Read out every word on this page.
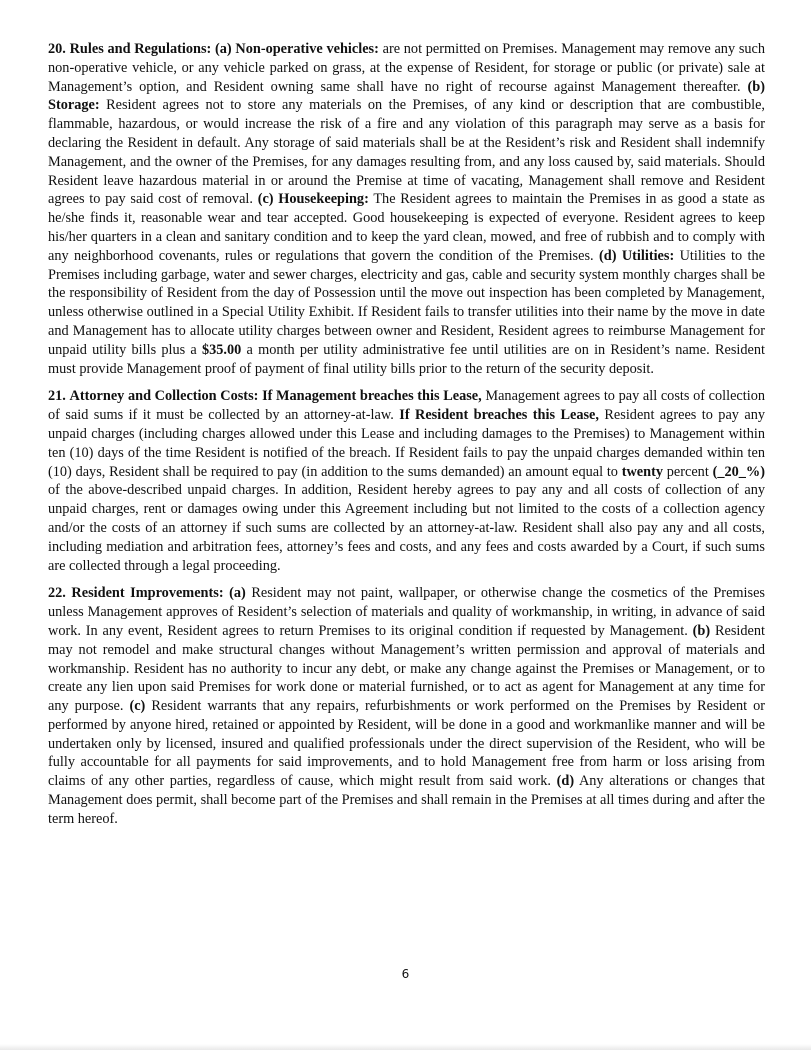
20. Rules and Regulations: (a) Non-operative vehicles: are not permitted on Premises. Management may remove any such non-operative vehicle, or any vehicle parked on grass, at the expense of Resident, for storage or public (or private) sale at Management’s option, and Resident owning same shall have no right of recourse against Management thereafter. (b) Storage: Resident agrees not to store any materials on the Premises, of any kind or description that are combustible, flammable, hazardous, or would increase the risk of a fire and any violation of this paragraph may serve as a basis for declaring the Resident in default. Any storage of said materials shall be at the Resident’s risk and Resident shall indemnify Management, and the owner of the Premises, for any damages resulting from, and any loss caused by, said materials. Should Resident leave hazardous material in or around the Premise at time of vacating, Management shall remove and Resident agrees to pay said cost of removal. (c) Housekeeping: The Resident agrees to maintain the Premises in as good a state as he/she finds it, reasonable wear and tear accepted. Good housekeeping is expected of everyone. Resident agrees to keep his/her quarters in a clean and sanitary condition and to keep the yard clean, mowed, and free of rubbish and to comply with any neighborhood covenants, rules or regulations that govern the condition of the Premises. (d) Utilities: Utilities to the Premises including garbage, water and sewer charges, electricity and gas, cable and security system monthly charges shall be the responsibility of Resident from the day of Possession until the move out inspection has been completed by Management, unless otherwise outlined in a Special Utility Exhibit. If Resident fails to transfer utilities into their name by the move in date and Management has to allocate utility charges between owner and Resident, Resident agrees to reimburse Management for unpaid utility bills plus a $35.00 a month per utility administrative fee until utilities are on in Resident’s name. Resident must provide Management proof of payment of final utility bills prior to the return of the security deposit.

21. Attorney and Collection Costs: If Management breaches this Lease, Management agrees to pay all costs of collection of said sums if it must be collected by an attorney-at-law. If Resident breaches this Lease, Resident agrees to pay any unpaid charges (including charges allowed under this Lease and including damages to the Premises) to Management within ten (10) days of the time Resident is notified of the breach. If Resident fails to pay the unpaid charges demanded within ten (10) days, Resident shall be required to pay (in addition to the sums demanded) an amount equal to twenty percent (_20_%) of the above-described unpaid charges. In addition, Resident hereby agrees to pay any and all costs of collection of any unpaid charges, rent or damages owing under this Agreement including but not limited to the costs of a collection agency and/or the costs of an attorney if such sums are collected by an attorney-at-law. Resident shall also pay any and all costs, including mediation and arbitration fees, attorney’s fees and costs, and any fees and costs awarded by a Court, if such sums are collected through a legal proceeding.

22. Resident Improvements: (a) Resident may not paint, wallpaper, or otherwise change the cosmetics of the Premises unless Management approves of Resident’s selection of materials and quality of workmanship, in writing, in advance of said work. In any event, Resident agrees to return Premises to its original condition if requested by Management. (b) Resident may not remodel and make structural changes without Management’s written permission and approval of materials and workmanship. Resident has no authority to incur any debt, or make any change against the Premises or Management, or to create any lien upon said Premises for work done or material furnished, or to act as agent for Management at any time for any purpose. (c) Resident warrants that any repairs, refurbishments or work performed on the Premises by Resident or performed by anyone hired, retained or appointed by Resident, will be done in a good and workmanlike manner and will be undertaken only by licensed, insured and qualified professionals under the direct supervision of the Resident, who will be fully accountable for all payments for said improvements, and to hold Management free from harm or loss arising from claims of any other parties, regardless of cause, which might result from said work. (d) Any alterations or changes that Management does permit, shall become part of the Premises and shall remain in the Premises at all times during and after the term hereof.

6
